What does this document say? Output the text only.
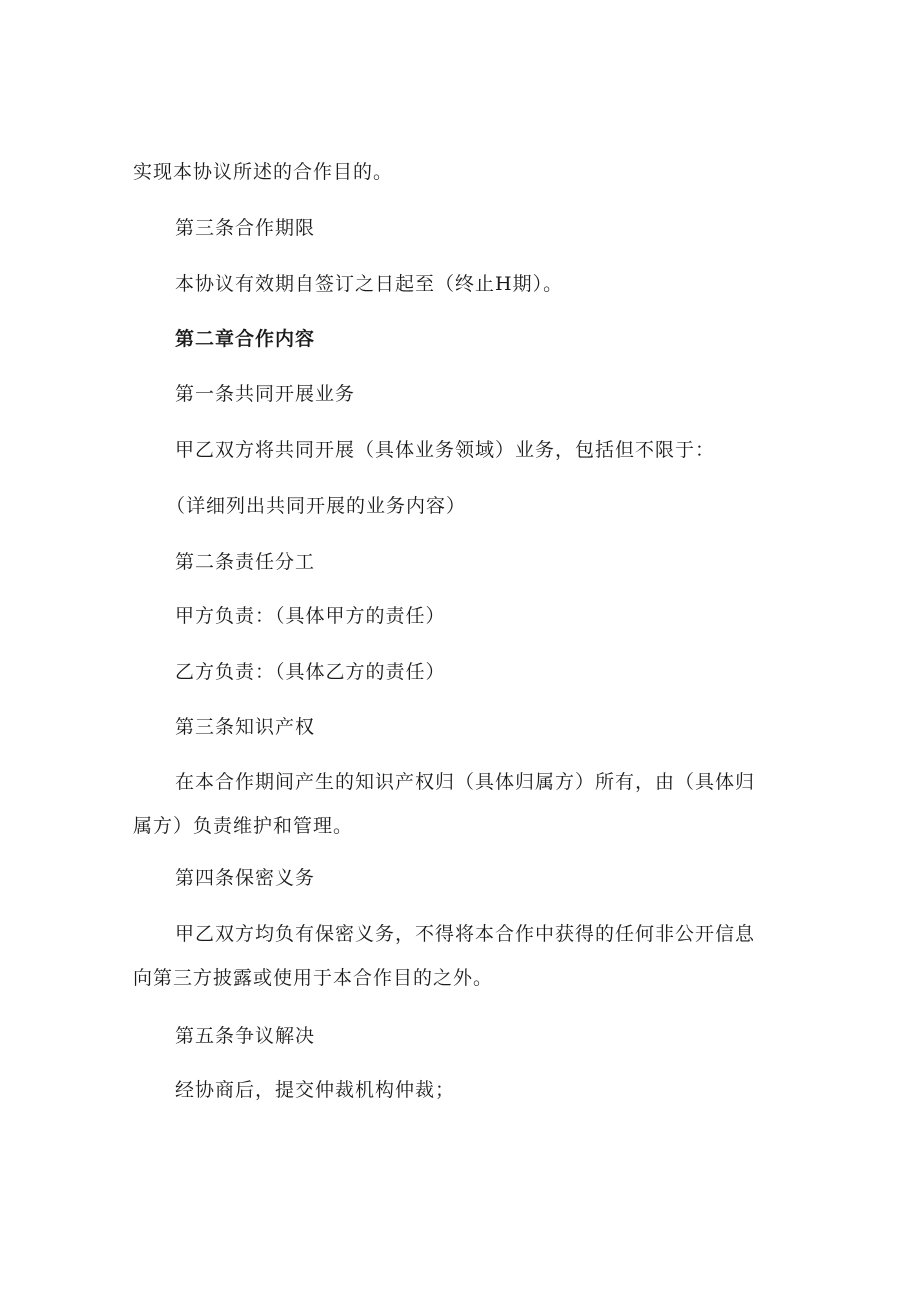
实现本协议所述的合作目的。
第三条合作期限
本协议有效期自签订之日起至（终止H期）。
第二章合作内容
第一条共同开展业务
甲乙双方将共同开展（具体业务领域）业务，包括但不限于：
（详细列出共同开展的业务内容）
第二条责任分工
甲方负责：（具体甲方的责任）
乙方负责：（具体乙方的责任）
第三条知识产权
在本合作期间产生的知识产权归（具体归属方）所有，由（具体归
属方）负责维护和管理。
第四条保密义务
甲乙双方均负有保密义务，不得将本合作中获得的任何非公开信息
向第三方披露或使用于本合作目的之外。
第五条争议解决
经协商后，提交仲裁机构仲裁；
